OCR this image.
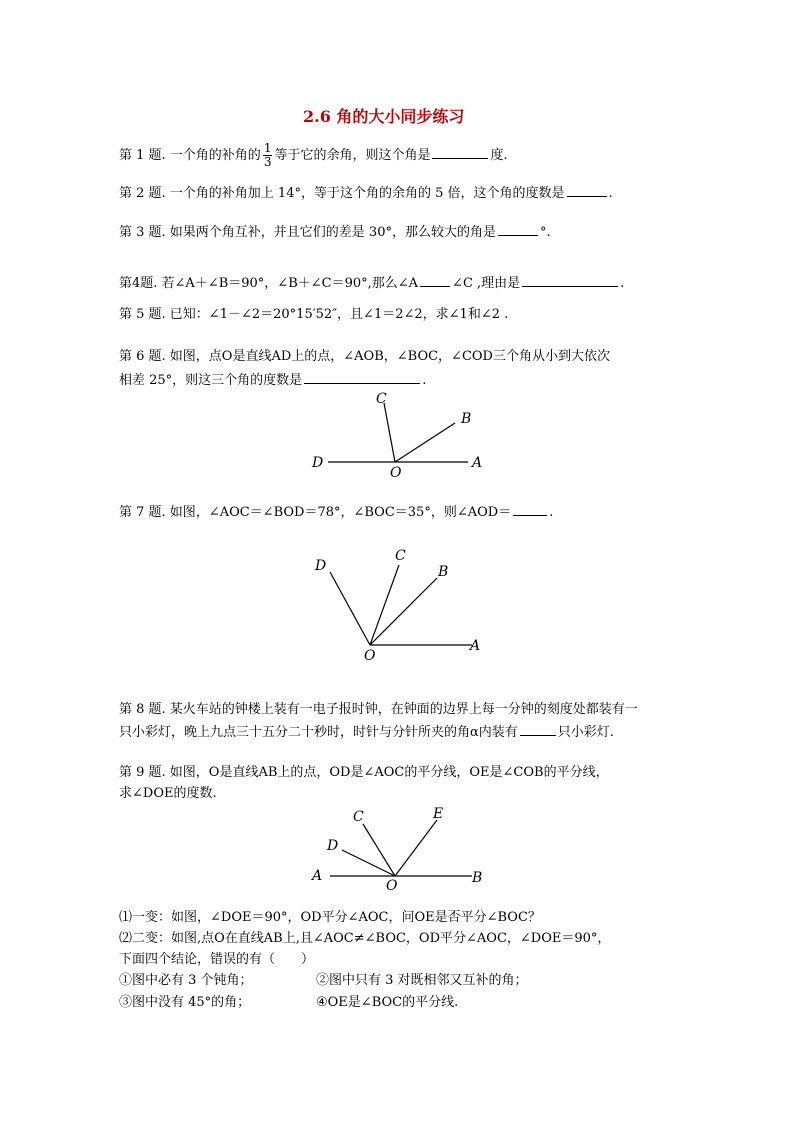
2.6 角的大小同步练习
第 1 题. 一个角的补角的 $\frac{1}{3}$ 等于它的余角，则这个角是	度.
第 2 题. 一个角的补角加上 14°，等于这个角的余角的 5 倍，这个角的度数是	.
第 3 题. 如果两个角互补，并且它们的差是 30°，那么较大的角是	°.
第4题. 若∠A＋∠B＝90°，∠B＋∠C＝90°,那么∠A	∠C ,理由是	.
第 5 题. 已知：∠1－∠2＝20°15′52″，且∠1＝2∠2，求∠1和∠2 .
第 6 题. 如图，点O是直线AD上的点，∠AOB，∠BOC，∠COD三个角从小到大依次
相差 25°，则这三个角的度数是	.
C
B
D
O
A
第 7 题. 如图，∠AOC＝∠BOD＝78°，∠BOC＝35°，则∠AOD＝	.
D
C
B
O
A
第 8 题. 某火车站的钟楼上装有一电子报时钟，在钟面的边界上每一分钟的刻度处都装有一
只小彩灯，晚上九点三十五分二十秒时，时针与分针所夹的角α内装有	只小彩灯.
第 9 题. 如图，O是直线AB上的点，OD是∠AOC的平分线，OE是∠COB的平分线，
求∠DOE的度数.
C	E
D
A
O	B
⑴一变：如图，∠DOE＝90°，OD平分∠AOC，问OE是否平分∠BOC？
⑵二变：如图,点O在直线AB上,且∠AOC≠∠BOC，OD平分∠AOC，∠DOE＝90°，
下面四个结论，错误的有（　　）
①图中必有 3 个钝角；	②图中只有 3 对既相邻又互补的角；
③图中没有 45°的角；	④OE是∠BOC的平分线.
